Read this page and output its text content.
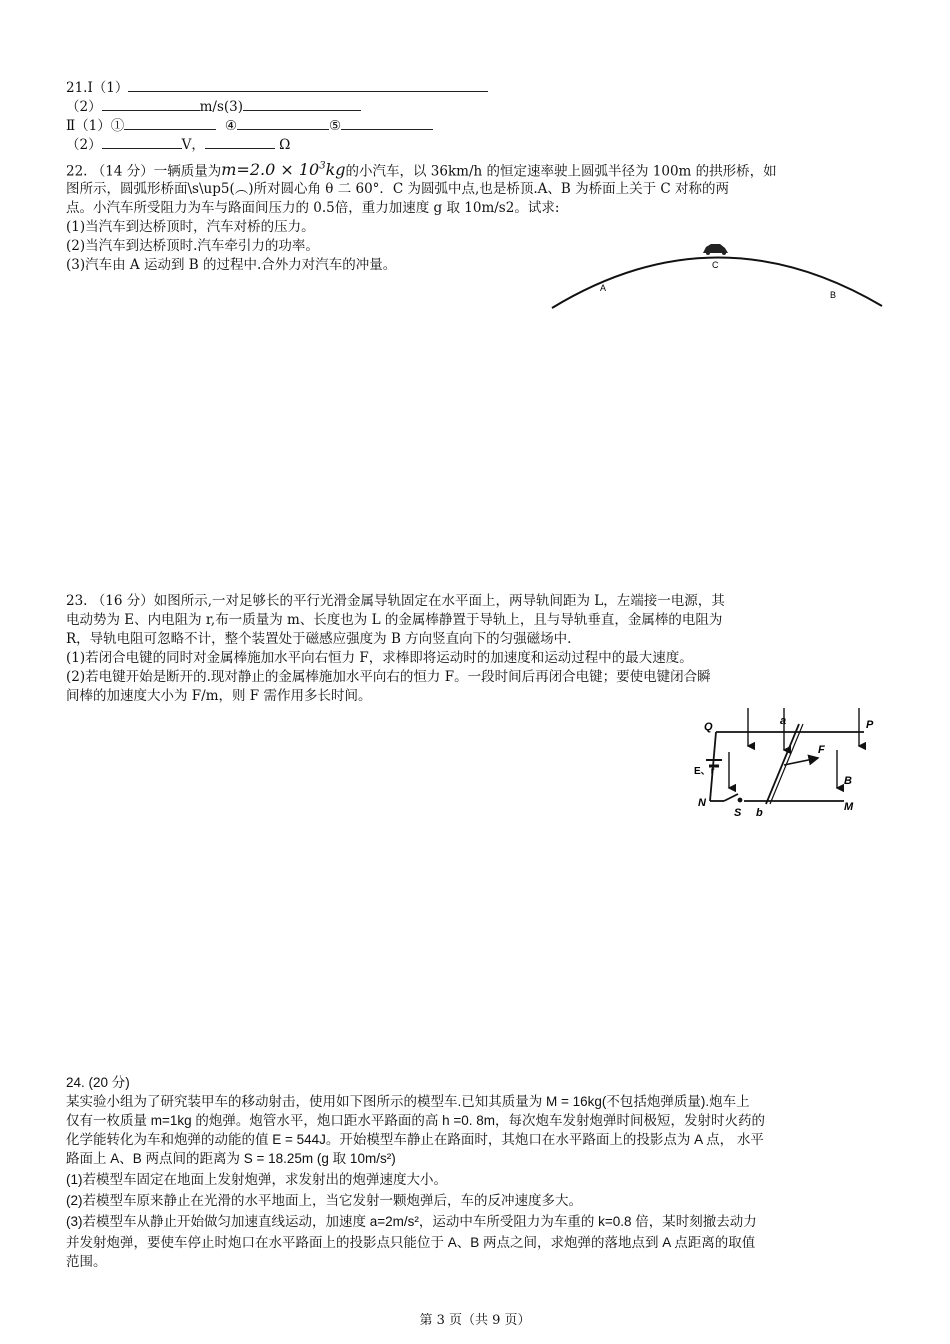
21.Ⅰ（1）
（2）	m/s(3)
Ⅱ（1）①	④	⑤
（2）	V，	Ω
22. （14 分）一辆质量为$m=2.0 \times 10^3kg$的小汽车，以 36km/h 的恒定速率驶上圆弧半径为 100m 的拱形桥，如
图所示，圆弧形桥面\s\up5(︵)所对圆心角 θ 二 60°．C 为圆弧中点,也是桥顶.A、B 为桥面上关于 C 对称的两
点。小汽车所受阻力为车与路面间压力的 0.5倍，重力加速度 g 取 10m/s2。试求:
(1)当汽车到达桥顶时，汽车对桥的压力。
(2)当汽车到达桥顶时.汽车牵引力的功率。
(3)汽车由 A 运动到 B 的过程中.合外力对汽车的冲量。	C
A
B
23. （16 分）如图所示,一对足够长的平行光滑金属导轨固定在水平面上，两导轨间距为 L，左端接一电源，其
电动势为 E、内电阻为 r,布一质量为 m、长度也为 L 的金属棒静置于导轨上，且与导轨垂直，金属棒的电阻为
R，导轨电阻可忽略不计，整个装置处于磁感应强度为 B 方向竖直向下的匀强磁场中.
(1)若闭合电键的同时对金属棒施加水平向右恒力 F，求棒即将运动时的加速度和运动过程中的最大速度。
(2)若电键开始是断开的.现对静止的金属棒施加水平向右的恒力 F。一段时间后再闭合电键；要使电键闭合瞬
间棒的加速度大小为 F/m，则 F 需作用多长时间。
Q	a	P
E、r
F
B
N
S b	M
24. (20 分)
某实验小组为了研究装甲车的移动射击，使用如下图所示的模型车.已知其质量为 M = 16kg(不包括炮弹质量).炮车上
仅有一枚质量 m=1kg 的炮弹。炮管水平，炮口距水平路面的高 h =0. 8m，每次炮车发射炮弹时间极短，发射时火药的
化学能转化为车和炮弹的动能的值 E = 544J。开始模型车静止在路面时，其炮口在水平路面上的投影点为 A 点， 水平
路面上 A、B 两点间的距离为 S = 18.25m (g 取 10m/s²)
(1)若模型车固定在地面上发射炮弹，求发射出的炮弹速度大小。
(2)若模型车原来静止在光滑的水平地面上，当它发射一颗炮弹后，车的反冲速度多大。
(3)若模型车从静止开始做匀加速直线运动，加速度 a=2m/s²，运动中车所受阻力为车重的 k=0.8 倍，某时刻撤去动力
并发射炮弹，要使车停止时炮口在水平路面上的投影点只能位于 A、B 两点之间，求炮弹的落地点到 A 点距离的取值
范围。
第 3 页（共 9 页）
